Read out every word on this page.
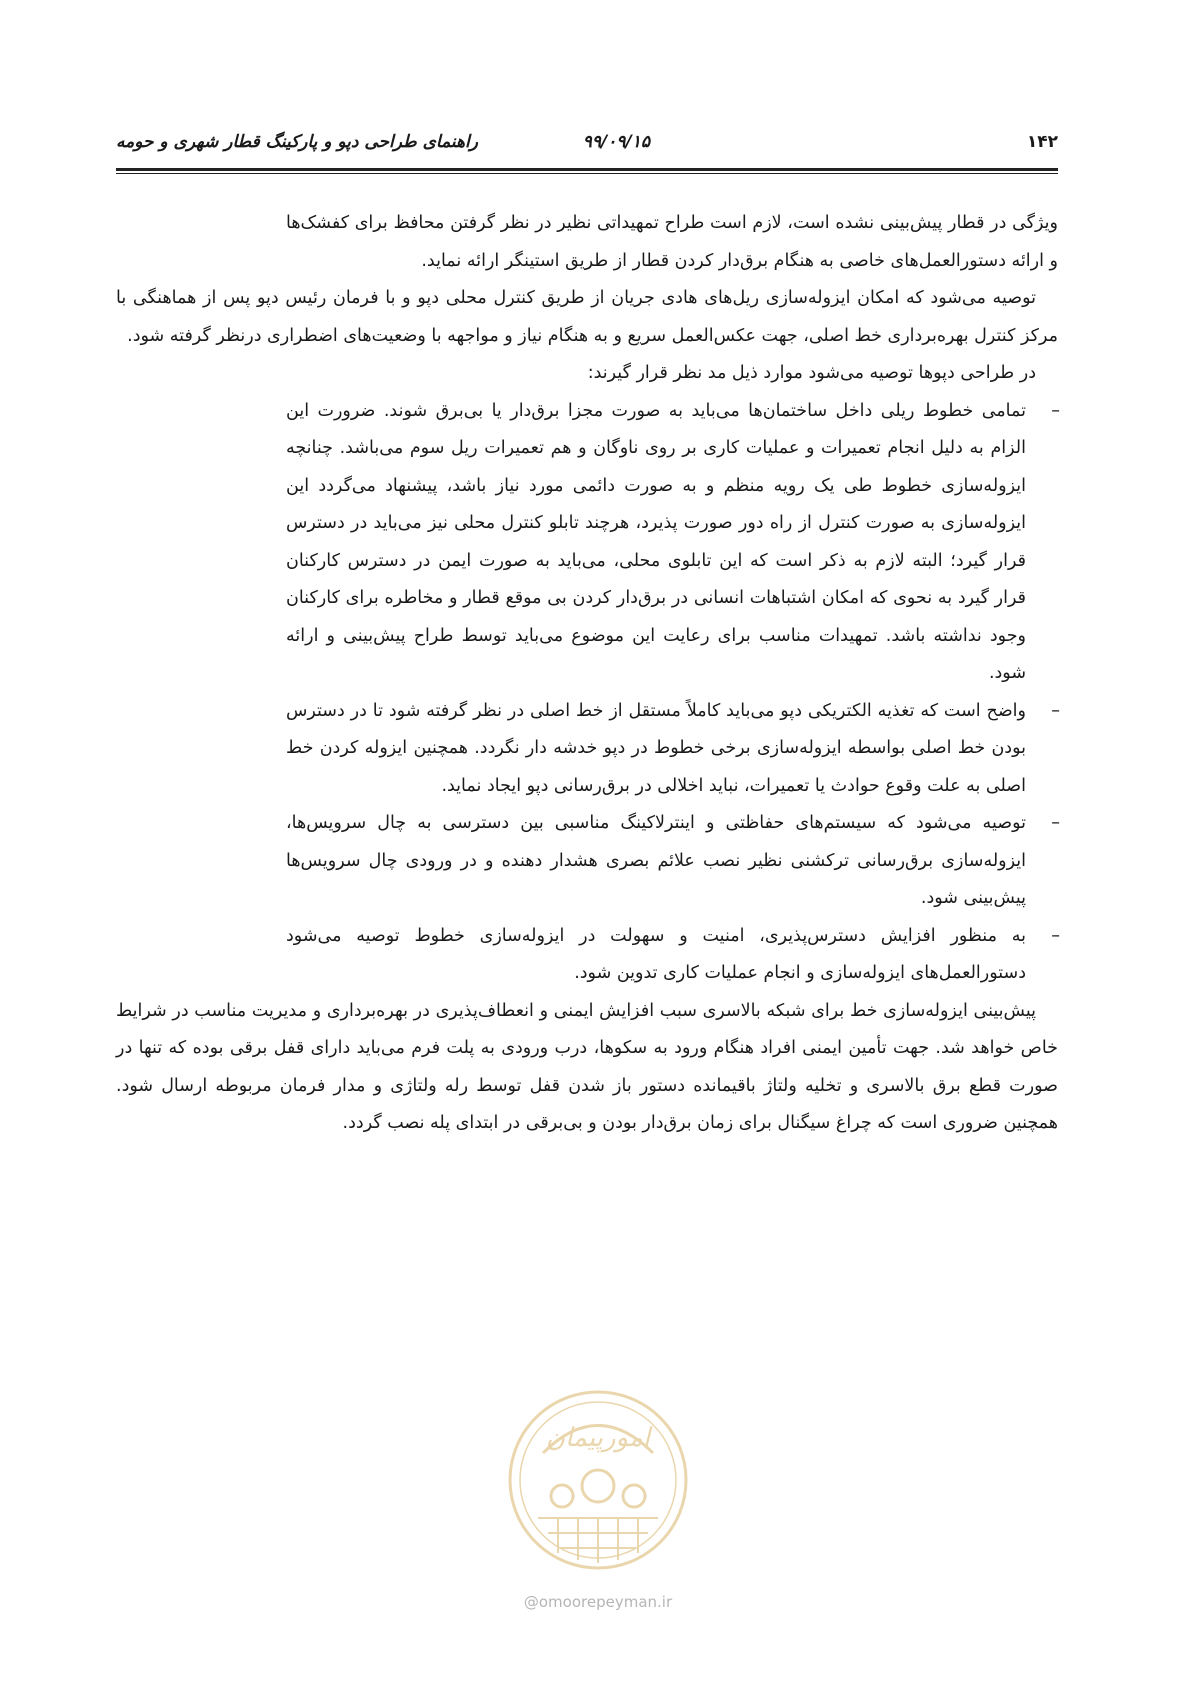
۱۴۲
۹۹/۰۹/۱۵
راهنمای طراحی دپو و پارکینگ قطار شهری و حومه

ویژگی در قطار پیش‌بینی نشده است، لازم است طراح تمهیداتی نظیر در نظر گرفتن محافظ برای کفشک‌ها و ارائه دستورالعمل‌های خاصی به هنگام برق‌دار کردن قطار از طریق استینگر ارائه نماید.

توصیه می‌شود که امکان ایزوله‌سازی ریل‌های هادی جریان از طریق کنترل محلی دپو و با فرمان رئیس دپو پس از هماهنگی با مرکز کنترل بهره‌برداری خط اصلی، جهت عکس‌العمل سریع و به هنگام نیاز و مواجهه با وضعیت‌های اضطراری درنظر گرفته شود.

در طراحی دپوها توصیه می‌شود موارد ذیل مد نظر قرار گیرند:

–
تمامی خطوط ریلی داخل ساختمان‌ها می‌باید به صورت مجزا برق‌دار یا بی‌برق شوند. ضرورت این الزام به دلیل انجام تعمیرات و عملیات کاری بر روی ناوگان و هم تعمیرات ریل سوم می‌باشد. چنانچه ایزوله‌سازی خطوط طی یک رویه منظم و به صورت دائمی مورد نیاز باشد، پیشنهاد می‌گردد این ایزوله‌سازی به صورت کنترل از راه دور صورت پذیرد، هرچند تابلو کنترل محلی نیز می‌باید در دسترس قرار گیرد؛ البته لازم به ذکر است که این تابلوی محلی، می‌باید به صورت ایمن در دسترس کارکنان قرار گیرد به نحوی که امکان اشتباهات انسانی در برق‌دار کردن بی موقع قطار و مخاطره برای کارکنان وجود نداشته باشد. تمهیدات مناسب برای رعایت این موضوع می‌باید توسط طراح پیش‌بینی و ارائه شود.
–
واضح است که تغذیه الکتریکی دپو می‌باید کاملاً مستقل از خط اصلی در نظر گرفته شود تا در دسترس بودن خط اصلی بواسطه ایزوله‌سازی برخی خطوط در دپو خدشه دار نگردد. همچنین ایزوله کردن خط اصلی به علت وقوع حوادث یا تعمیرات، نباید اخلالی در برق‌رسانی دپو ایجاد نماید.
–
توصیه می‌شود که سیستم‌های حفاظتی و اینترلاکینگ مناسبی بین دسترسی به چال سرویس‌ها، ایزوله‌سازی برق‌رسانی ترکشنی نظیر نصب علائم بصری هشدار دهنده و در ورودی چال سرویس‌ها پیش‌بینی شود.
–
به منظور افزایش دسترس‌پذیری، امنیت و سهولت در ایزوله‌سازی خطوط توصیه می‌شود دستورالعمل‌های ایزوله‌سازی و انجام عملیات کاری تدوین شود.

پیش‌بینی ایزوله‌سازی خط برای شبکه بالاسری سبب افزایش ایمنی و انعطاف‌پذیری در بهره‌برداری و مدیریت مناسب در شرایط خاص خواهد شد. جهت تأمین ایمنی افراد هنگام ورود به سکوها، درب ورودی به پلت فرم می‌باید دارای قفل برقی بوده که تنها در صورت قطع برق بالاسری و تخلیه ولتاژ باقیمانده دستور باز شدن قفل توسط رله ولتاژی و مدار فرمان مربوطه ارسال شود. همچنین ضروری است که چراغ سیگنال برای زمان برق‌دار بودن و بی‌برقی در ابتدای پله نصب گردد.

امورپیمان
@omoorepeyman.ir
